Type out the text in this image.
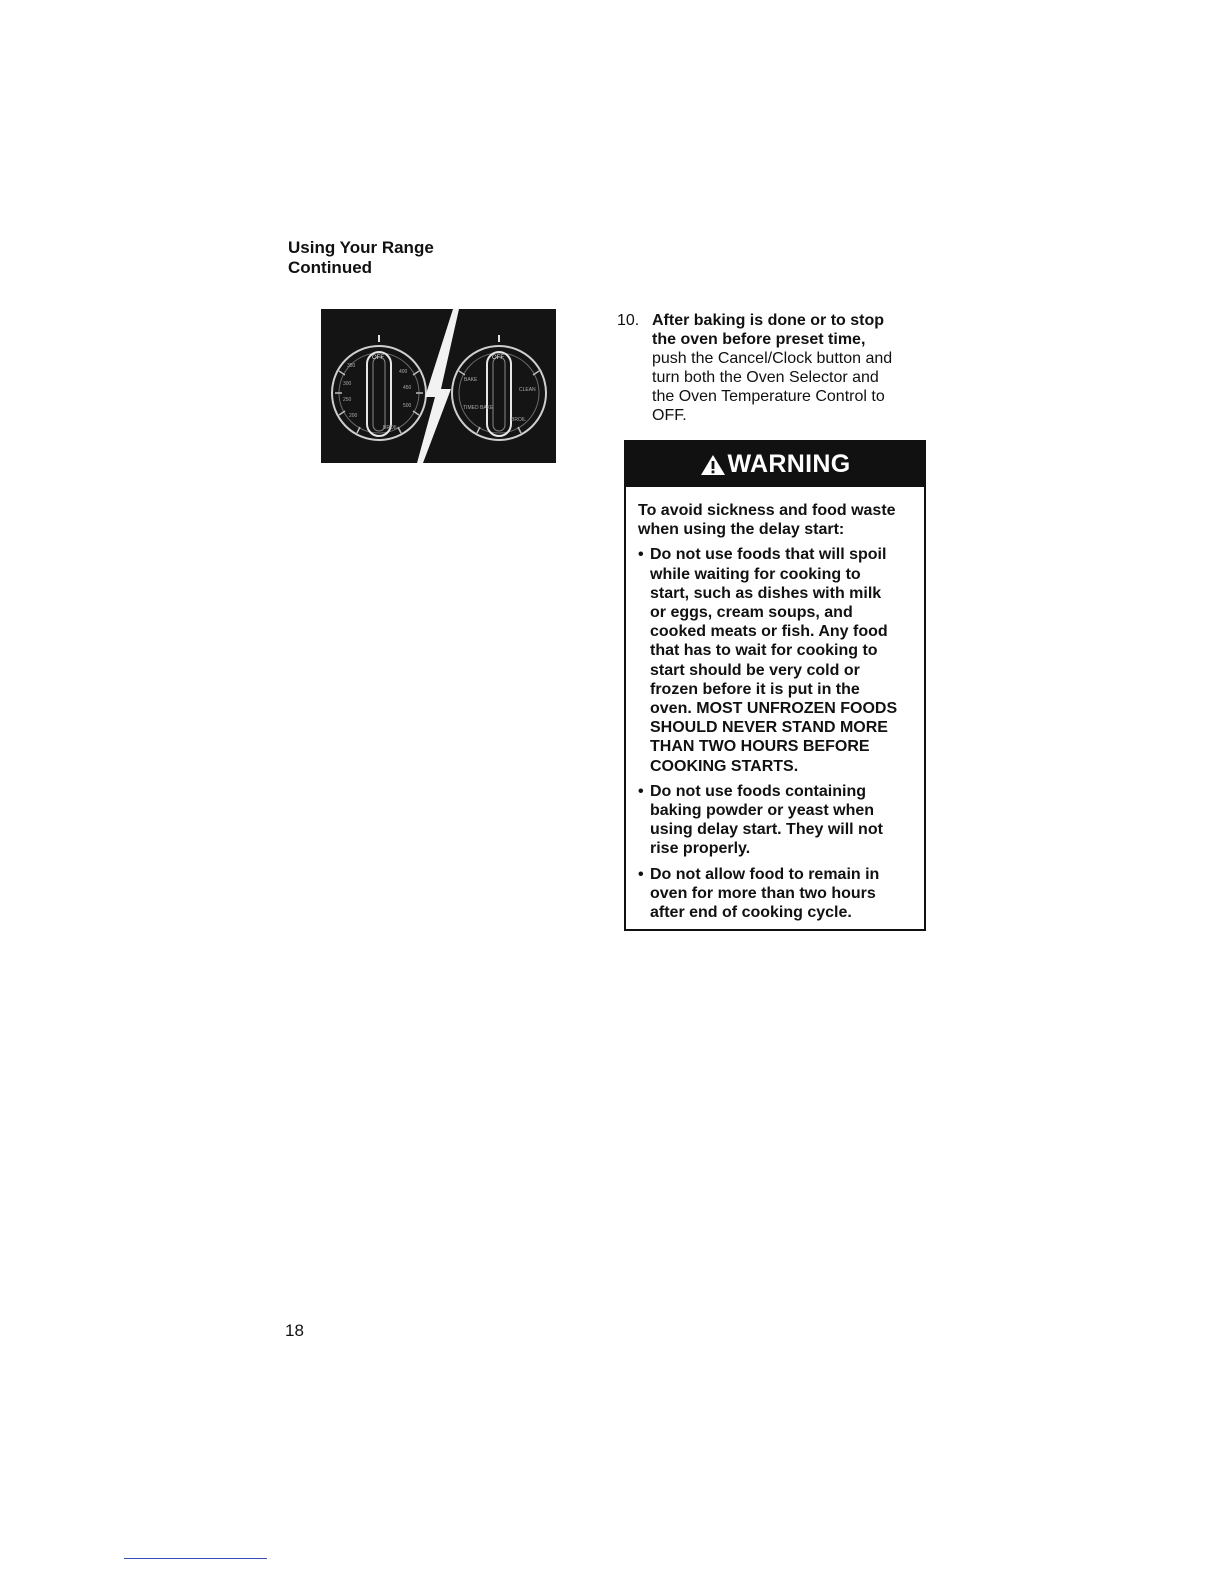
Using Your Range
Continued
OFF
200
250
300
350
400
450
500
BROIL
OFF
BAKE
CLEAN
BROIL
TIMED BAKE
10. After baking is done or to stop
the oven before preset time,
push the Cancel/Clock button and
turn both the Oven Selector and
the Oven Temperature Control to
OFF.
WARNING
To avoid sickness and food waste
when using the delay start:
• Do not use foods that will spoil
while waiting for cooking to
start, such as dishes with milk
or eggs, cream soups, and
cooked meats or fish. Any food
that has to wait for cooking to
start should be very cold or
frozen before it is put in the
oven. MOST UNFROZEN FOODS
SHOULD NEVER STAND MORE
THAN TWO HOURS BEFORE
COOKING STARTS.
• Do not use foods containing
baking powder or yeast when
using delay start. They will not
rise properly.
• Do not allow food to remain in
oven for more than two hours
after end of cooking cycle.
18
